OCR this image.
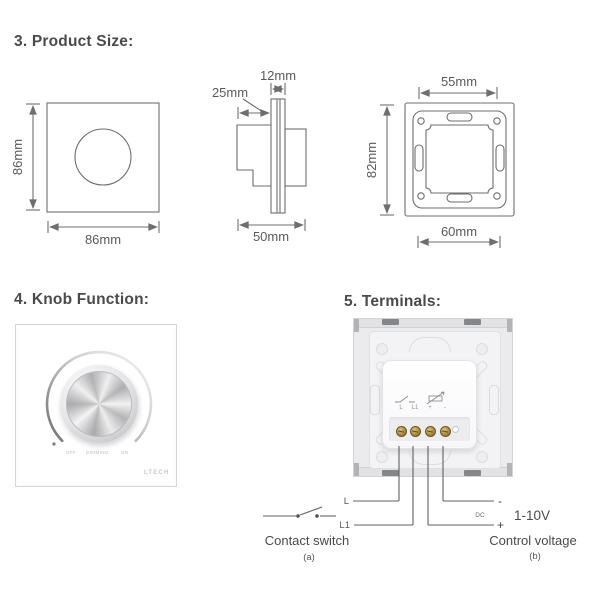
3. Product Size:
4. Knob Function:	5. Terminals:
OFF DIMMING	ON
LTECH
L L1 + -
86mm
86mm
12mm
25mm
50mm
55mm
82mm
60mm
L
L1
-
+
DC 1-10V
Contact switch
(a)
Control voltage
(b)
